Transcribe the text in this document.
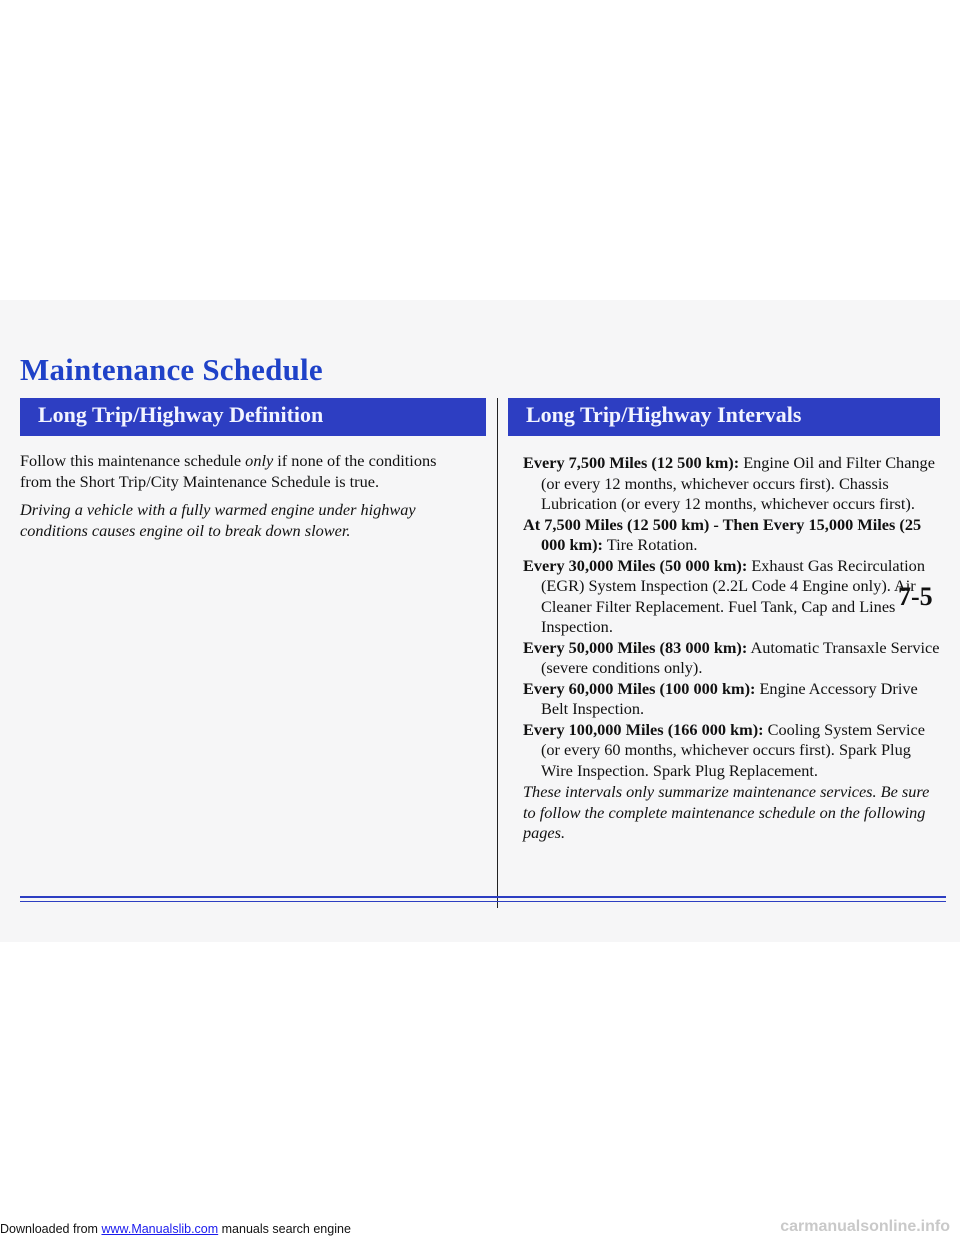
Maintenance Schedule
Long Trip/Highway Definition	Long Trip/Highway Intervals

Follow this maintenance schedule only if none of the conditions from the Short Trip/City Maintenance Schedule is true.

Driving a vehicle with a fully warmed engine under highway conditions causes engine oil to break down slower.

Every 7,500 Miles (12 500 km): Engine Oil and Filter Change (or every 12 months, whichever occurs first). Chassis Lubrication (or every 12 months, whichever occurs first).

At 7,500 Miles (12 500 km) - Then Every 15,000 Miles (25 000 km): Tire Rotation.

Every 30,000 Miles (50 000 km): Exhaust Gas Recirculation (EGR) System Inspection (2.2L Code 4 Engine only). Air Cleaner Filter Replacement. Fuel Tank, Cap and Lines Inspection.

Every 50,000 Miles (83 000 km): Automatic Transaxle Service (severe conditions only).

Every 60,000 Miles (100 000 km): Engine Accessory Drive Belt Inspection.

Every 100,000 Miles (166 000 km): Cooling System Service (or every 60 months, whichever occurs first). Spark Plug Wire Inspection. Spark Plug Replacement.

These intervals only summarize maintenance services. Be sure to follow the complete maintenance schedule on the following pages.

7-5
Downloaded from www.Manualslib.com manuals search engine	carmanualsonline.info
